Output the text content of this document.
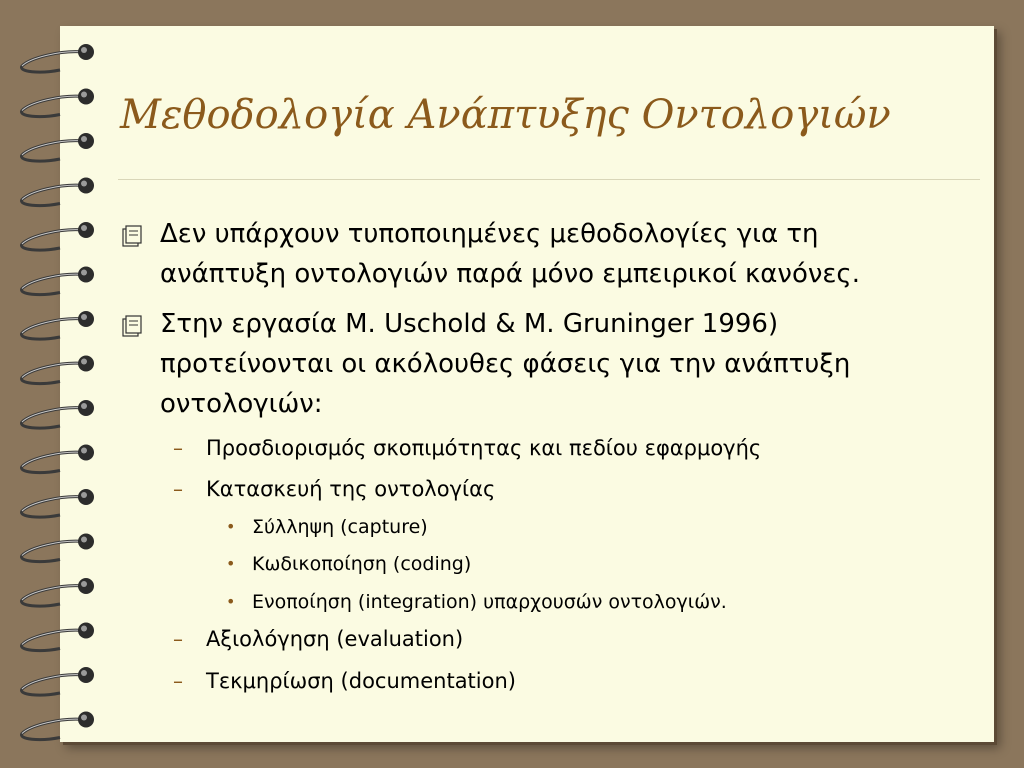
Μεθοδολογία Ανάπτυξης Οντολογιών
Δεν υπάρχουν τυποποιημένες μεθοδολογίες για τη
ανάπτυξη οντολογιών παρά μόνο εμπειρικοί κανόνες.
Στην εργασία M. Uschold & M. Gruninger 1996)
προτείνονται οι ακόλουθες φάσεις για την ανάπτυξη
οντολογιών:
– Προσδιορισμός σκοπιμότητας και πεδίου εφαρμογής
– Κατασκευή της οντολογίας
• Σύλληψη (capture)
• Κωδικοποίηση (coding)
• Ενοποίηση (integration) υπαρχουσών οντολογιών.
– Αξιολόγηση (evaluation)
– Τεκμηρίωση (documentation)
